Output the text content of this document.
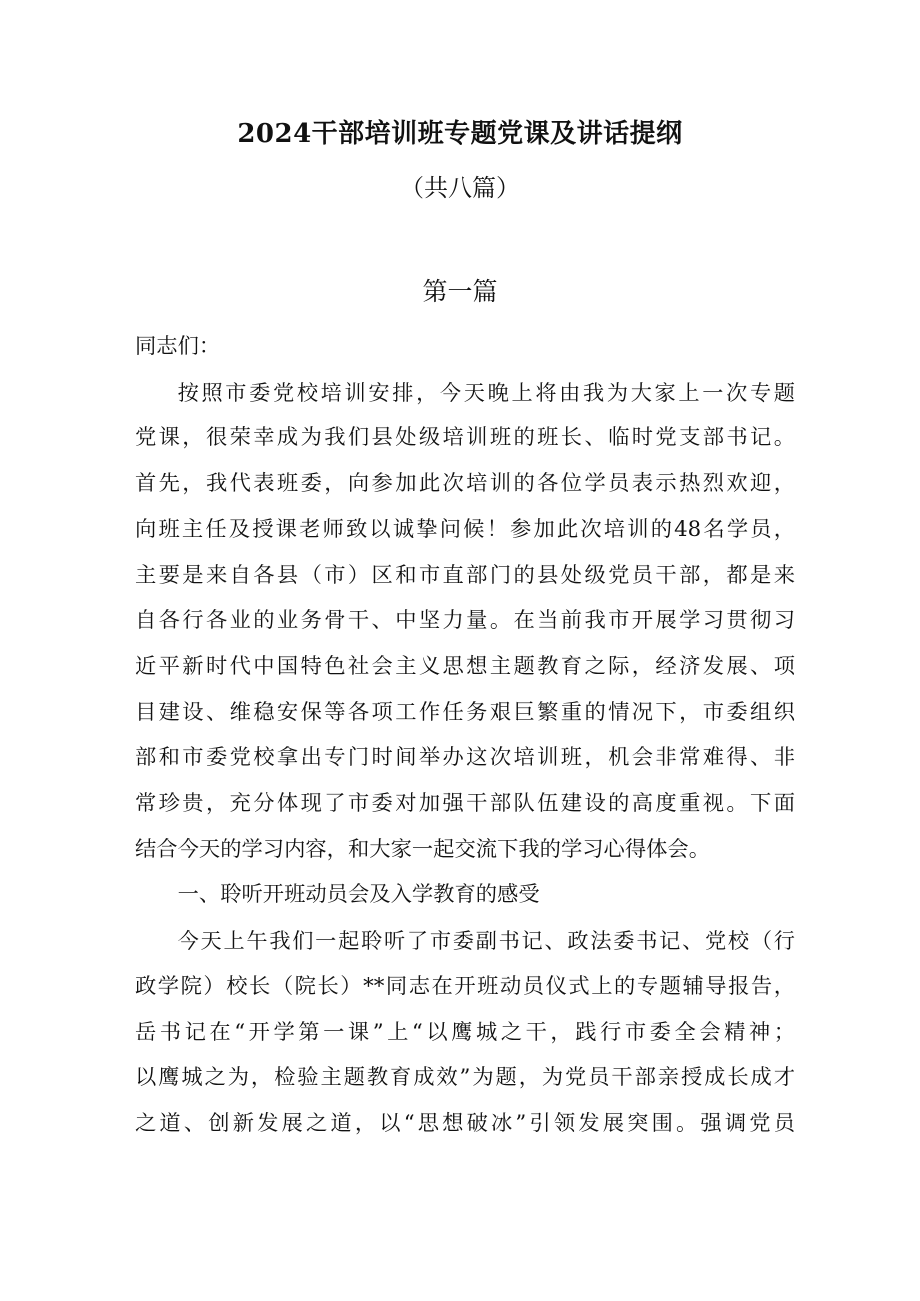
2024干部培训班专题党课及讲话提纲
（共八篇）
第一篇

同志们：

按照市委党校培训安排，今天晚上将由我为大家上一次专题
党课，很荣幸成为我们县处级培训班的班长、临时党支部书记。
首先，我代表班委，向参加此次培训的各位学员表示热烈欢迎，
向班主任及授课老师致以诚挚问候！参加此次培训的48名学员，
主要是来自各县（市）区和市直部门的县处级党员干部，都是来
自各行各业的业务骨干、中坚力量。在当前我市开展学习贯彻习
近平新时代中国特色社会主义思想主题教育之际，经济发展、项
目建设、维稳安保等各项工作任务艰巨繁重的情况下，市委组织
部和市委党校拿出专门时间举办这次培训班，机会非常难得、非
常珍贵，充分体现了市委对加强干部队伍建设的高度重视。下面
结合今天的学习内容，和大家一起交流下我的学习心得体会。

一、聆听开班动员会及入学教育的感受

今天上午我们一起聆听了市委副书记、政法委书记、党校（行
政学院）校长（院长）**同志在开班动员仪式上的专题辅导报告，
岳书记在“开学第一课”上“以鹰城之干，践行市委全会精神；
以鹰城之为，检验主题教育成效”为题，为党员干部亲授成长成才
之道、创新发展之道，以“思想破冰”引领发展突围。强调党员
